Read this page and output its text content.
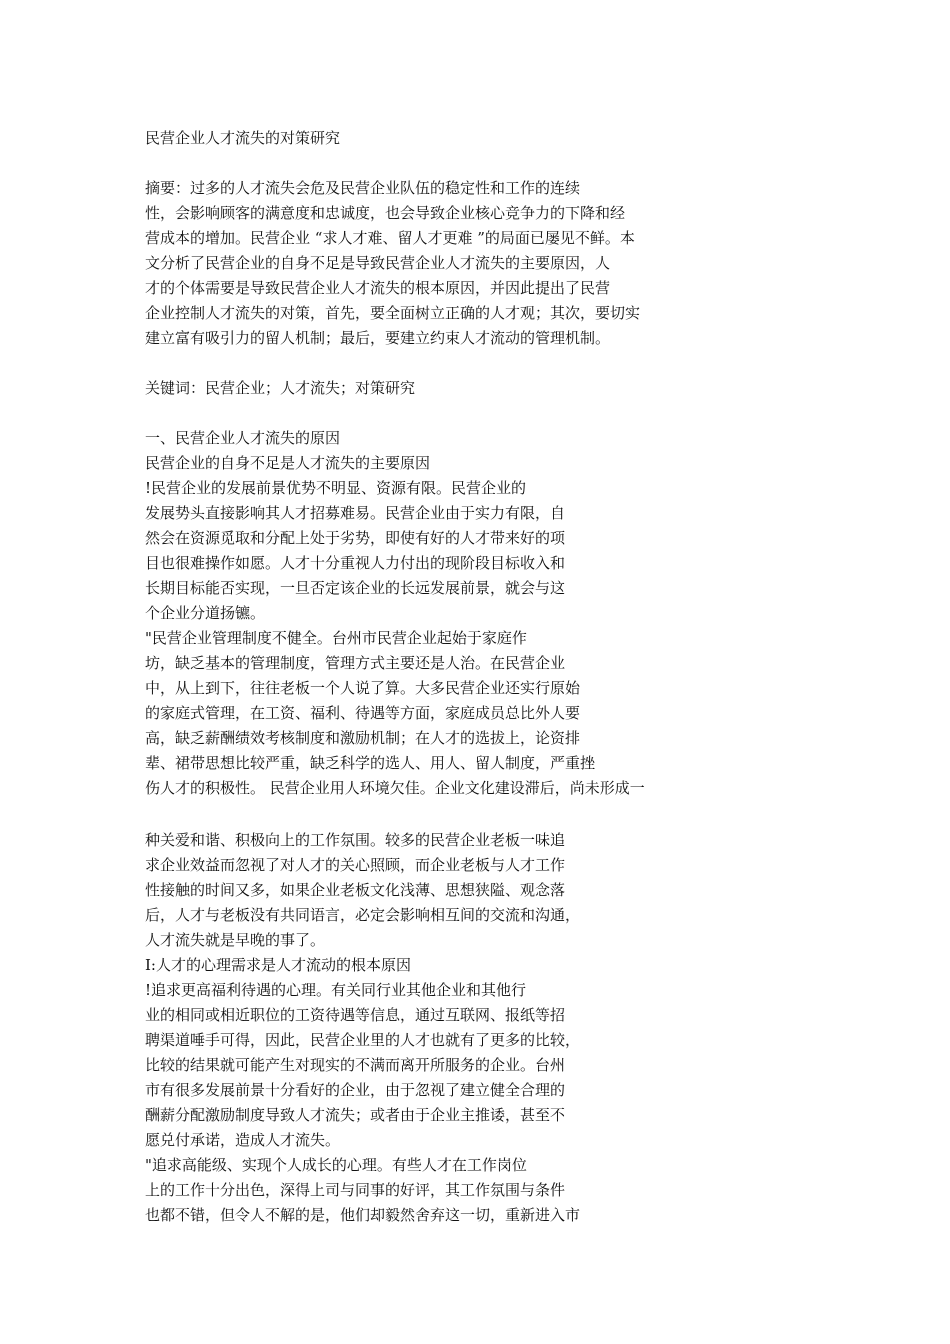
民营企业人才流失的对策研究
摘要：过多的人才流失会危及民营企业队伍的稳定性和工作的连续
性，会影响顾客的满意度和忠诚度，也会导致企业核心竞争力的下降和经
营成本的增加。民营企业 “求人才难、留人才更难 ”的局面已屡见不鲜。本
文分析了民营企业的自身不足是导致民营企业人才流失的主要原因，人
才的个体需要是导致民营企业人才流失的根本原因，并因此提出了民营
企业控制人才流失的对策，首先，要全面树立正确的人才观；其次，要切实
建立富有吸引力的留人机制；最后，要建立约束人才流动的管理机制。
关键词：民营企业；人才流失；对策研究
一、民营企业人才流失的原因
民营企业的自身不足是人才流失的主要原因
!民营企业的发展前景优势不明显、资源有限。民营企业的
发展势头直接影响其人才招募难易。民营企业由于实力有限，自
然会在资源觅取和分配上处于劣势，即使有好的人才带来好的项
目也很难操作如愿。人才十分重视人力付出的现阶段目标收入和
长期目标能否实现，一旦否定该企业的长远发展前景，就会与这
个企业分道扬镳。
"民营企业管理制度不健全。台州市民营企业起始于家庭作
坊，缺乏基本的管理制度，管理方式主要还是人治。在民营企业
中，从上到下，往往老板一个人说了算。大多民营企业还实行原始
的家庭式管理，在工资、福利、待遇等方面，家庭成员总比外人要
高，缺乏薪酬绩效考核制度和激励机制；在人才的选拔上，论资排
辈、裙带思想比较严重，缺乏科学的选人、用人、留人制度，严重挫
伤人才的积极性。 民营企业用人环境欠佳。企业文化建设滞后，尚未形成一
种关爱和谐、积极向上的工作氛围。较多的民营企业老板一味追
求企业效益而忽视了对人才的关心照顾，而企业老板与人才工作
性接触的时间又多，如果企业老板文化浅薄、思想狭隘、观念落
后，人才与老板没有共同语言，必定会影响相互间的交流和沟通，
人才流失就是早晚的事了。
I:人才的心理需求是人才流动的根本原因
!追求更高福利待遇的心理。有关同行业其他企业和其他行
业的相同或相近职位的工资待遇等信息，通过互联网、报纸等招
聘渠道唾手可得，因此，民营企业里的人才也就有了更多的比较，
比较的结果就可能产生对现实的不满而离开所服务的企业。台州
市有很多发展前景十分看好的企业，由于忽视了建立健全合理的
酬薪分配激励制度导致人才流失；或者由于企业主推诿，甚至不
愿兑付承诺，造成人才流失。
"追求高能级、实现个人成长的心理。有些人才在工作岗位
上的工作十分出色，深得上司与同事的好评，其工作氛围与条件
也都不错，但令人不解的是，他们却毅然舍弃这一切，重新进入市
